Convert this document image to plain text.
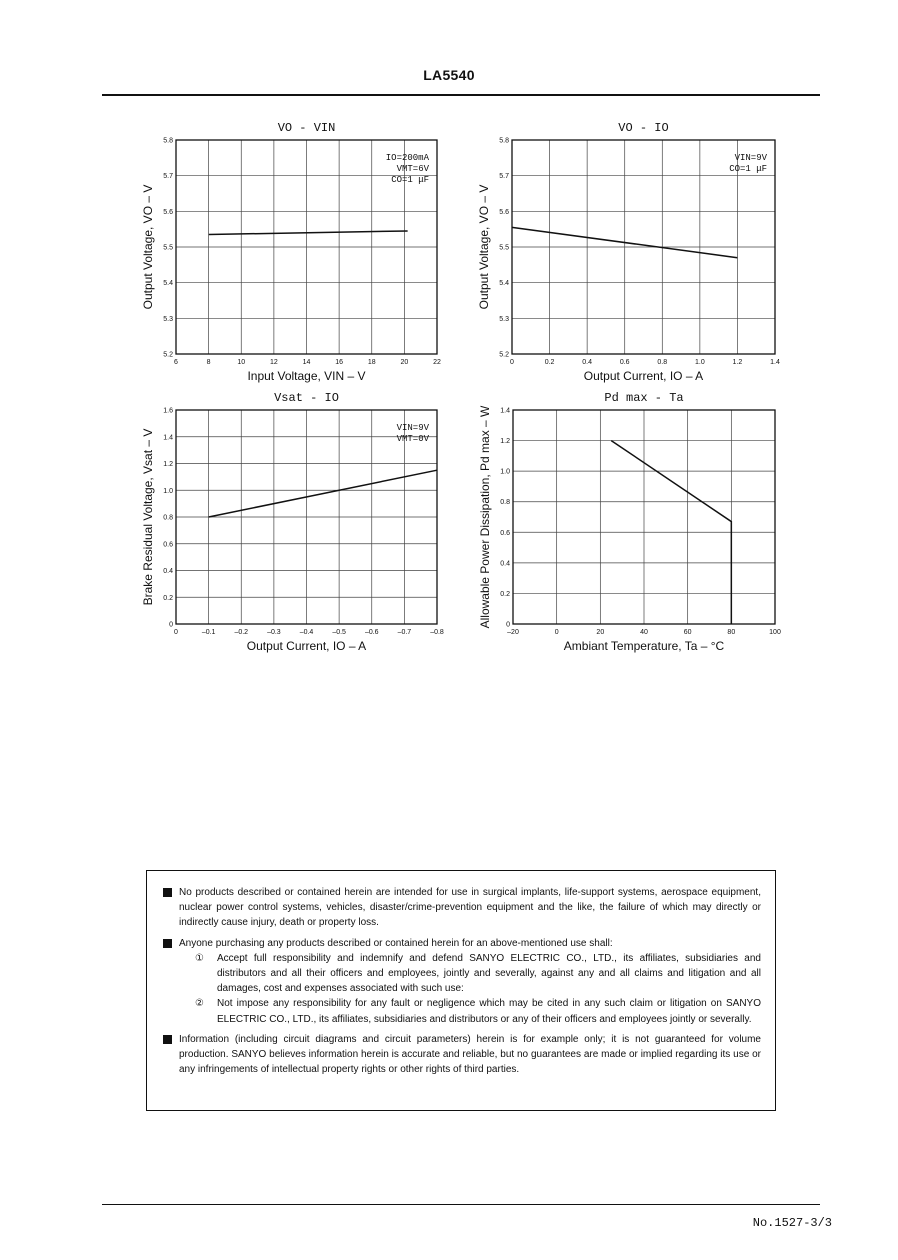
LA5540
6	8	10	12	14	16	18	20	22
5.2
5.3
5.4
5.5
5.6
5.7
5.8
VO - VIN
Input Voltage, VIN – V
Output Voltage, VO – V
IO=200mA
VMT=6V
CO=1 μF
0	0.2	0.4	0.6	0.8	1.0	1.2	1.4
5.2
5.3
5.4
5.5
5.6
5.7
5.8
VO - IO
Output Current, IO – A
Output Voltage, VO – V
VIN=9V
CO=1 μF
0	–0.1	–0.2	–0.3	–0.4	–0.5	–0.6	–0.7	–0.8
0
0.2
0.4
0.6
0.8
1.0
1.2
1.4
1.6
Vsat - IO
Output Current, IO – A
Brake Residual Voltage, Vsat – V
VIN=9V
VMT=0V
–20	0	20	40	60	80	100
0
0.2
0.4
0.6
0.8
1.0
1.2
1.4
Pd max - Ta
Ambiant Temperature, Ta – °C
Allowable Power Dissipation, Pd max – W
No products described or contained herein are intended for use in surgical implants, life-support systems, aerospace equipment, nuclear power control systems, vehicles, disaster/crime-prevention equipment and the like, the failure of which may directly or indirectly cause injury, death or property loss.
Anyone purchasing any products described or contained herein for an above-mentioned use shall:
① Accept full responsibility and indemnify and defend SANYO ELECTRIC CO., LTD., its affiliates, subsidiaries and distributors and all their officers and employees, jointly and severally, against any and all claims and litigation and all damages, cost and expenses associated with such use:
② Not impose any responsibility for any fault or negligence which may be cited in any such claim or litigation on SANYO ELECTRIC CO., LTD., its affiliates, subsidiaries and distributors or any of their officers and employees jointly or severally.
Information (including circuit diagrams and circuit parameters) herein is for example only; it is not guaranteed for volume production. SANYO believes information herein is accurate and reliable, but no guarantees are made or implied regarding its use or any infringements of intellectual property rights or other rights of third parties.
No.1527-3/3
